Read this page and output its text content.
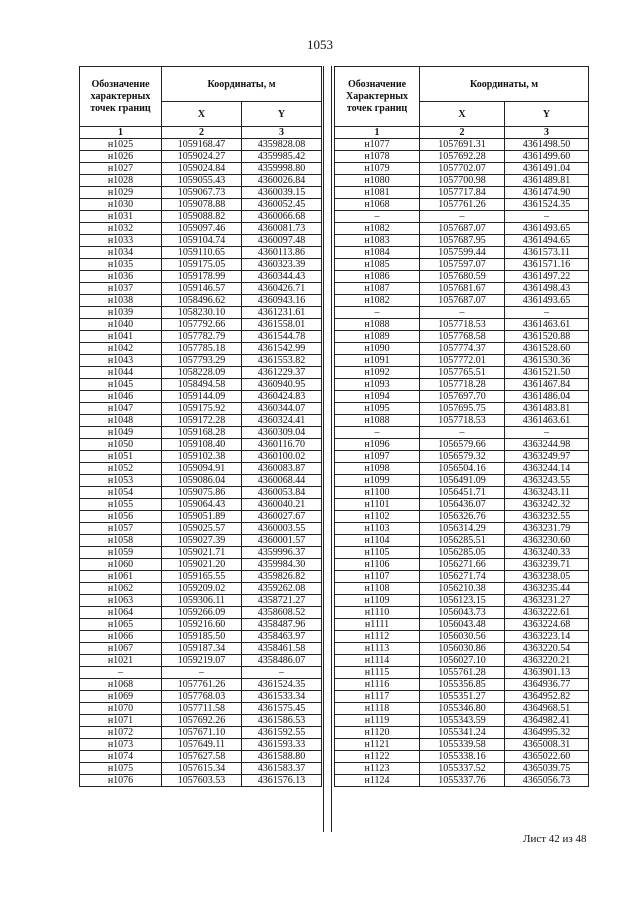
1053
Обозначение характерных точек границ	Координаты, м	
	X	Y
1	2	3
н1025	1059168.47	4359828.08
н1026	1059024.27	4359985.42
н1027	1059024.84	4359998.80
н1028	1059055.43	4360026.84
н1029	1059067.73	4360039.15
н1030	1059078.88	4360052.45
н1031	1059088.82	4360066.68
н1032	1059097.46	4360081.73
н1033	1059104.74	4360097.48
н1034	1059110.65	4360113.86
н1035	1059175.05	4360323.39
н1036	1059178.99	4360344.43
н1037	1059146.57	4360426.71
н1038	1058496.62	4360943.16
н1039	1058230.10	4361231.61
н1040	1057792.66	4361558.01
н1041	1057782.79	4361544.78
н1042	1057785.18	4361542.99
н1043	1057793.29	4361553.82
н1044	1058228.09	4361229.37
н1045	1058494.58	4360940.95
н1046	1059144.09	4360424.83
н1047	1059175.92	4360344.07
н1048	1059172.28	4360324.41
н1049	1059168.28	4360309.04
н1050	1059108.40	4360116.70
н1051	1059102.38	4360100.02
н1052	1059094.91	4360083.87
н1053	1059086.04	4360068.44
н1054	1059075.86	4360053.84
н1055	1059064.43	4360040.21
н1056	1059051.89	4360027.67
н1057	1059025.57	4360003.55
н1058	1059027.39	4360001.57
н1059	1059021.71	4359996.37
н1060	1059021.20	4359984.30
н1061	1059165.55	4359826.82
н1062	1059209.02	4359262.08
н1063	1059306.11	4358721.27
н1064	1059266.09	4358608.52
н1065	1059216.60	4358487.96
н1066	1059185.50	4358463.97
н1067	1059187.34	4358461.58
н1021	1059219.07	4358486.07
–	–	–
н1068	1057761.26	4361524.35
н1069	1057768.03	4361533.34
н1070	1057711.58	4361575.45
н1071	1057692.26	4361586.53
н1072	1057671.10	4361592.55
н1073	1057649.11	4361593.33
н1074	1057627.58	4361588.80
н1075	1057615.34	4361583.37
н1076	1057603.53	4361576.13
Обозначение Характерных точек границ	Координаты, м	
	X	Y
1	2	3
н1077	1057691.31	4361498.50
н1078	1057692.28	4361499.60
н1079	1057702.07	4361491.04
н1080	1057700.98	4361489.81
н1081	1057717.84	4361474.90
н1068	1057761.26	4361524.35
–	–	–
н1082	1057687.07	4361493.65
н1083	1057687.95	4361494.65
н1084	1057599.44	4361573.11
н1085	1057597.07	4361571.16
н1086	1057680.59	4361497.22
н1087	1057681.67	4361498.43
н1082	1057687.07	4361493.65
–	–	–
н1088	1057718.53	4361463.61
н1089	1057768.58	4361520.88
н1090	1057774.37	4361528.60
н1091	1057772.01	4361530.36
н1092	1057765.51	4361521.50
н1093	1057718.28	4361467.84
н1094	1057697.70	4361486.04
н1095	1057695.75	4361483.81
н1088	1057718.53	4361463.61
–	–	–
н1096	1056579.66	4363244.98
н1097	1056579.32	4363249.97
н1098	1056504.16	4363244.14
н1099	1056491.09	4363243.55
н1100	1056451.71	4363243.11
н1101	1056436.07	4363242.32
н1102	1056326.76	4363232.55
н1103	1056314.29	4363231.79
н1104	1056285.51	4363230.60
н1105	1056285.05	4363240.33
н1106	1056271.66	4363239.71
н1107	1056271.74	4363238.05
н1108	1056210.38	4363235.44
н1109	1056123.15	4363231.27
н1110	1056043.73	4363222.61
н1111	1056043.48	4363224.68
н1112	1056030.56	4363223.14
н1113	1056030.86	4363220.54
н1114	1056027.10	4363220.21
н1115	1055761.28	4363901.13
н1116	1055356.85	4364936.77
н1117	1055351.27	4364952.82
н1118	1055346.80	4364968.51
н1119	1055343.59	4364982.41
н1120	1055341.24	4364995.32
н1121	1055339.58	4365008.31
н1122	1055338.16	4365022.60
н1123	1055337.52	4365039.75
н1124	1055337.76	4365056.73
Лист 42 из 48
